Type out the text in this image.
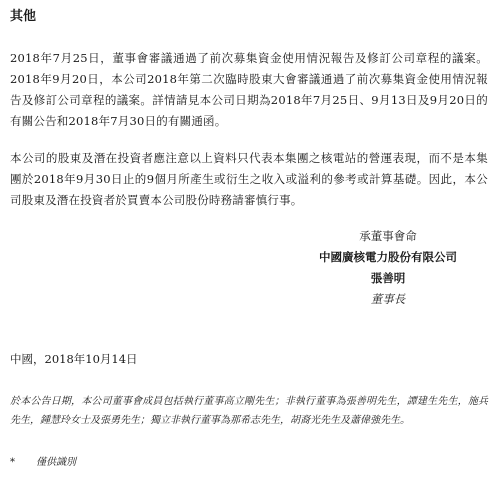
其他

2018年7月25日，董事會審議通過了前次募集資金使用情況報告及修訂公司章程的議案。2018年9月20日，本公司2018年第二次臨時股東大會審議通過了前次募集資金使用情況報告及修訂公司章程的議案。詳情請見本公司日期為2018年7月25日、9月13日及9月20日的有關公告和2018年7月30日的有關通函。

本公司的股東及潛在投資者應注意以上資料只代表本集團之核電站的營運表現，而不是本集團於2018年9月30日止的9個月所產生或衍生之收入或溢利的參考或計算基礎。因此，本公司股東及潛在投資者於買賣本公司股份時務請審慎行事。

承董事會命
中國廣核電力股份有限公司
張善明
董事長
中國，2018年10月14日

於本公告日期，本公司董事會成員包括執行董事高立剛先生；非執行董事為張善明先生，譚建生先生，施兵先生，鍾慧玲女士及張勇先生；獨立非執行董事為那希志先生，胡裔光先生及蕭偉強先生。

* 僅供識別
